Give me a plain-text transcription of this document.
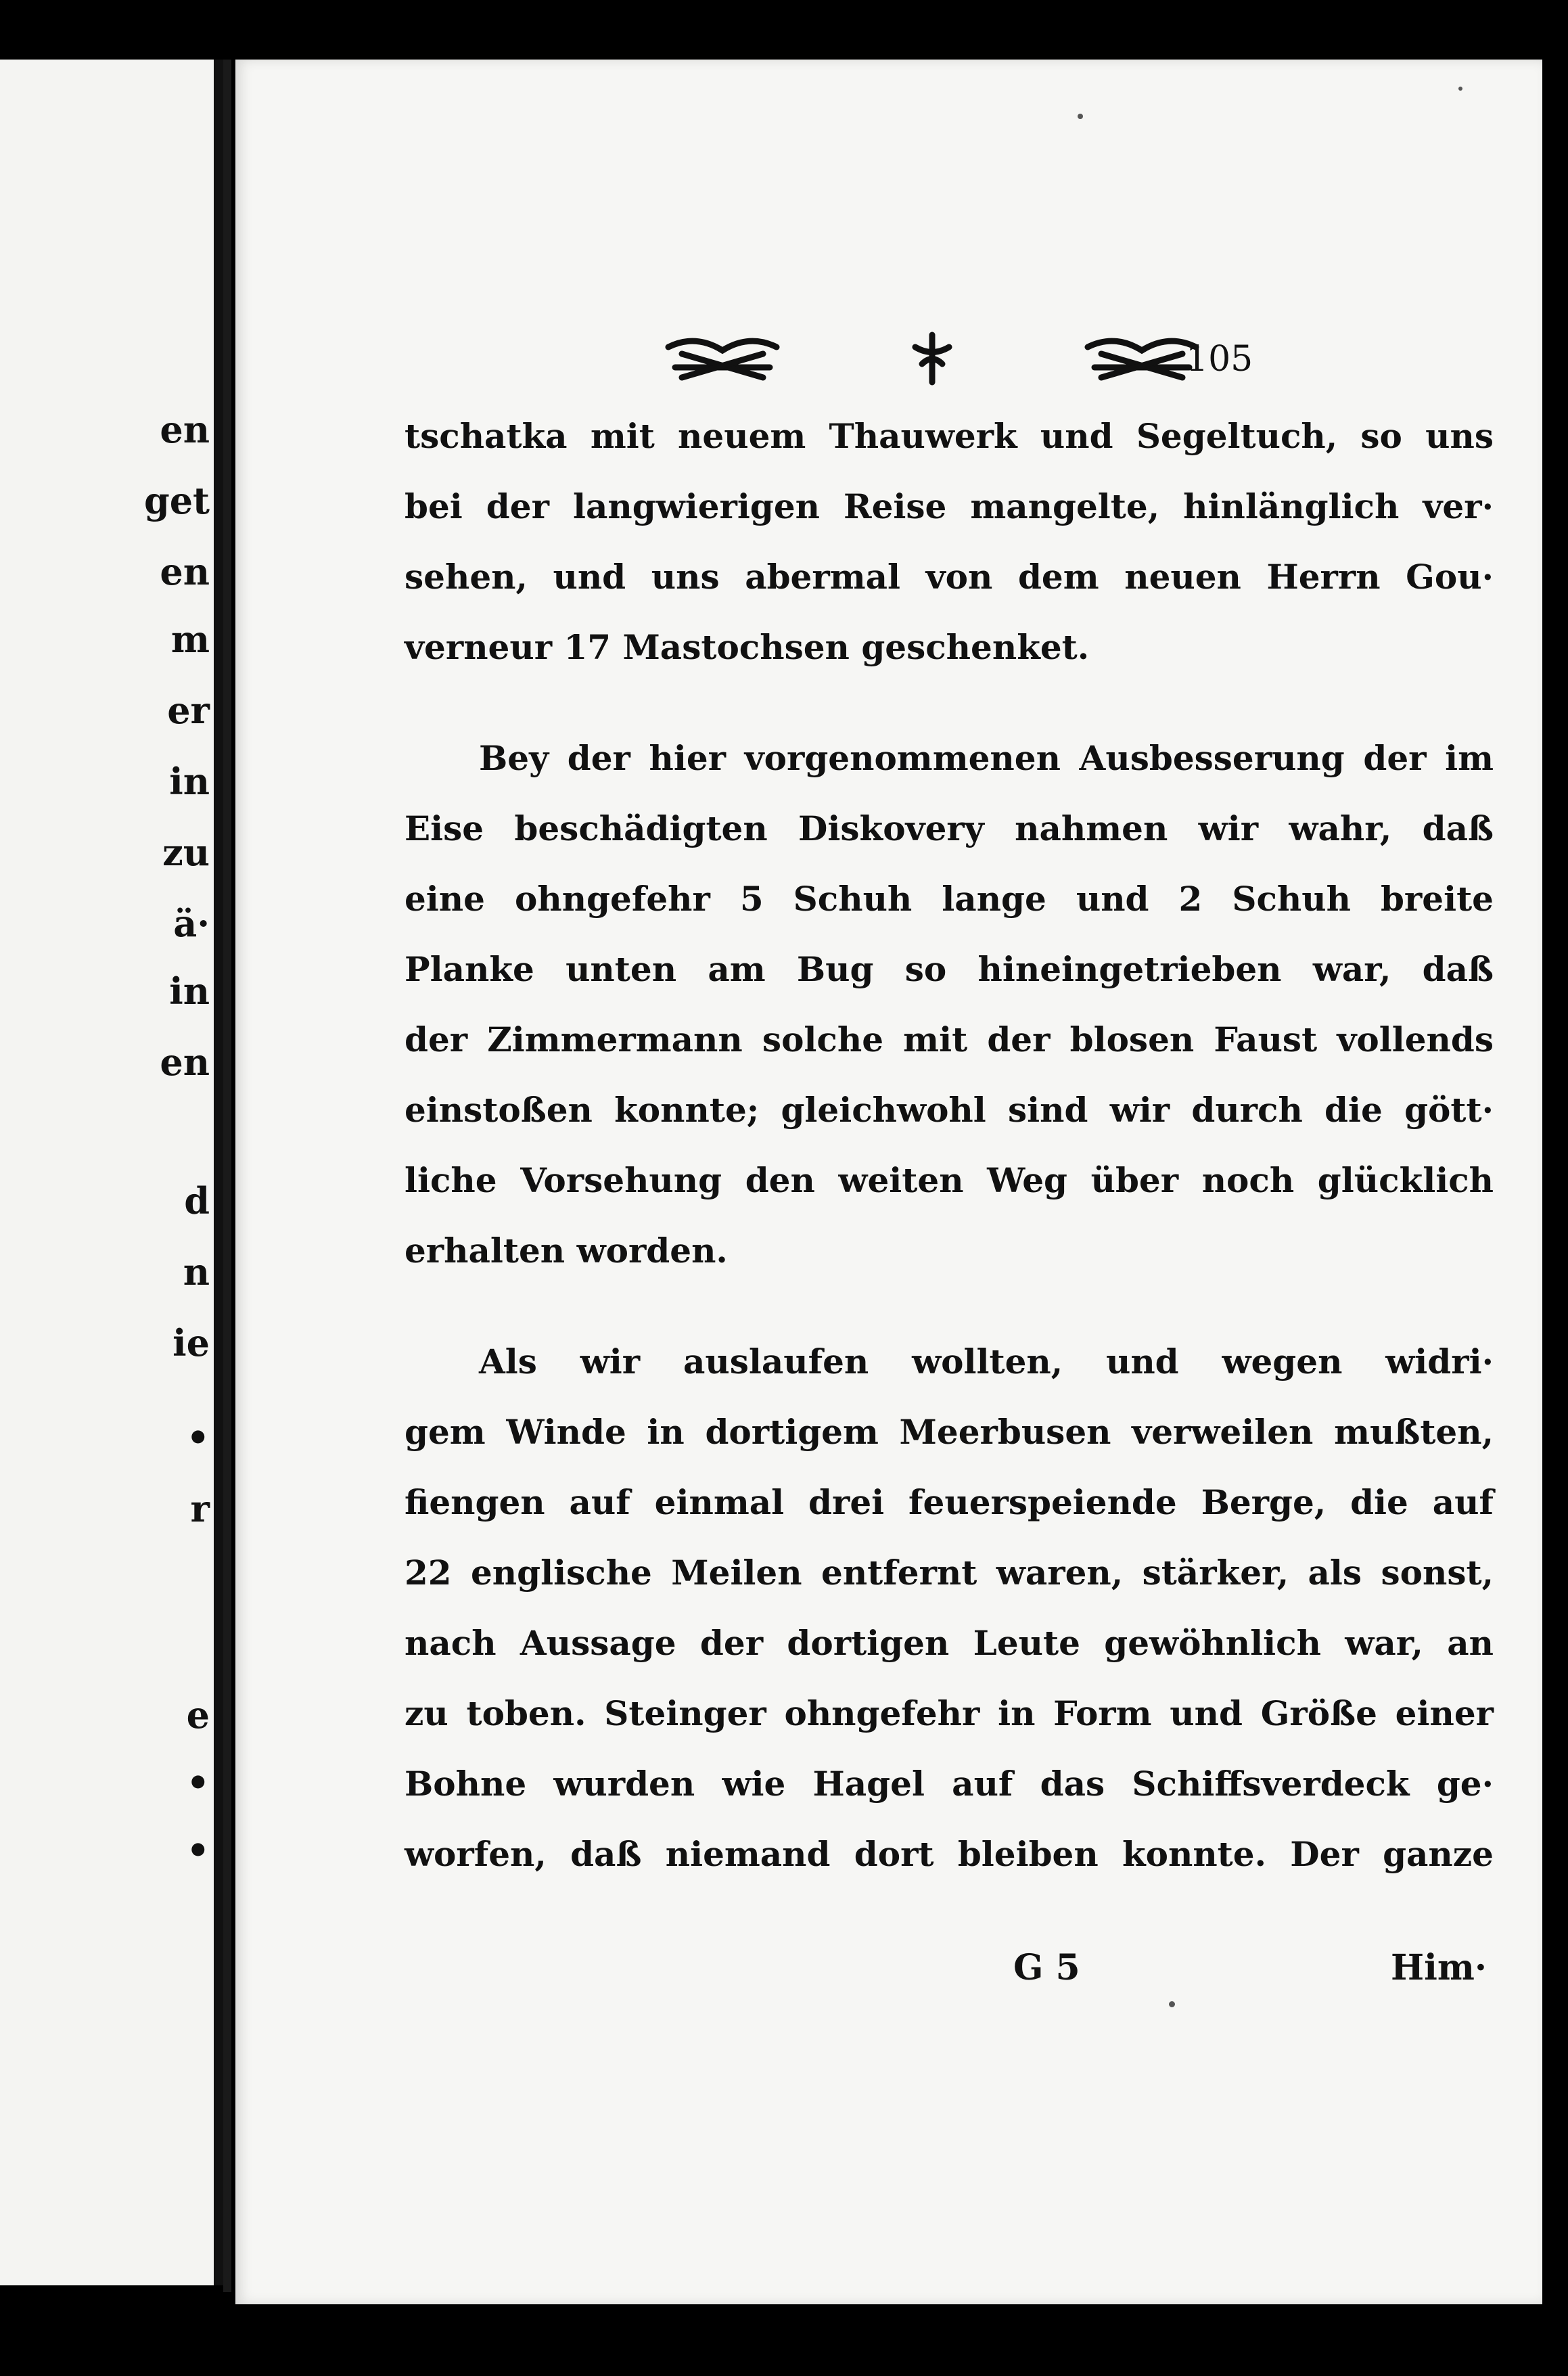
en
get
en
m
er
in
zu
ä·
in
en
d
n
ie
•
r
e
•
•
105
tschatka mit neuem Thauwerk und Segeltuch, so uns
bei der langwierigen Reise mangelte, hinlänglich ver·
sehen, und uns abermal von dem neuen Herrn Gou·
verneur 17 Mastochsen geschenket.
Bey der hier vorgenommenen Ausbesserung der im
Eise beschädigten Diskovery nahmen wir wahr, daß
eine ohngefehr 5 Schuh lange und 2 Schuh breite
Planke unten am Bug so hineingetrieben war, daß
der Zimmermann solche mit der blosen Faust vollends
einstoßen konnte; gleichwohl sind wir durch die gött·
liche Vorsehung den weiten Weg über noch glücklich
erhalten worden.
Als wir auslaufen wollten, und wegen widri·
gem Winde in dortigem Meerbusen verweilen mußten,
fiengen auf einmal drei feuerspeiende Berge, die auf
22 englische Meilen entfernt waren, stärker, als sonst,
nach Aussage der dortigen Leute gewöhnlich war, an
zu toben. Steinger ohngefehr in Form und Größe einer
Bohne wurden wie Hagel auf das Schiffsverdeck ge·
worfen, daß niemand dort bleiben konnte. Der ganze
G 5	Him·
